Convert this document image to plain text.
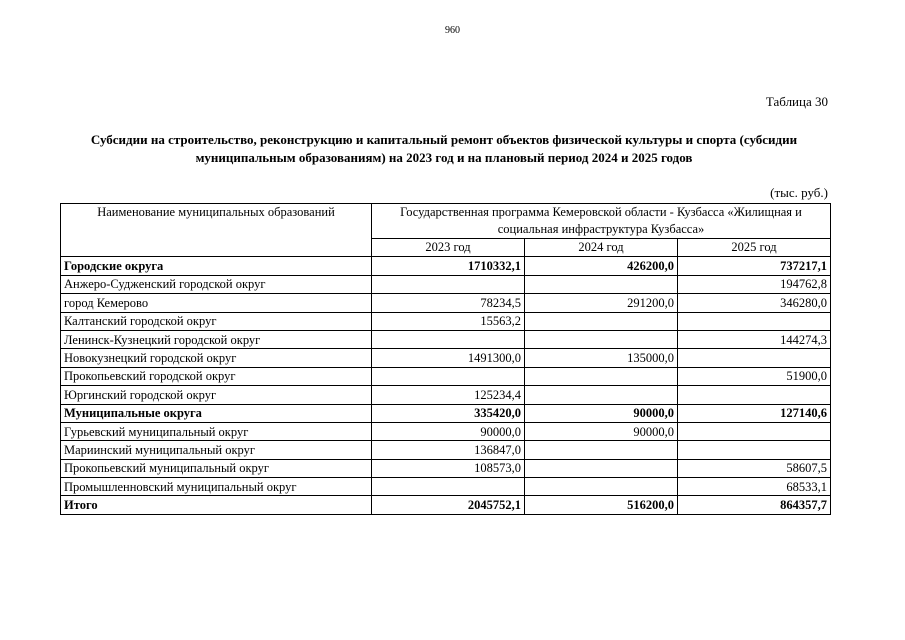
960
Таблица 30
Субсидии на строительство, реконструкцию и капитальный ремонт объектов физической культуры и спорта (субсидии муниципальным образованиям) на 2023 год и на плановый период 2024 и 2025 годов
(тыс. руб.)
Наименование муниципальных образований	Государственная программа Кемеровской области - Кузбасса «Жилищная и социальная инфраструктура Кузбасса»		
	2023 год	2024 год	2025 год
Городские округа	1710332,1	426200,0	737217,1
Анжеро-Судженский городской округ			194762,8
город Кемерово	78234,5	291200,0	346280,0
Калтанский городской округ	15563,2		
Ленинск-Кузнецкий городской округ			144274,3
Новокузнецкий городской округ	1491300,0	135000,0	
Прокопьевский городской округ			51900,0
Юргинский городской округ	125234,4		
Муниципальные округа	335420,0	90000,0	127140,6
Гурьевский муниципальный округ	90000,0	90000,0	
Мариинский муниципальный округ	136847,0		
Прокопьевский муниципальный округ	108573,0		58607,5
Промышленновский муниципальный округ			68533,1
Итого	2045752,1	516200,0	864357,7
